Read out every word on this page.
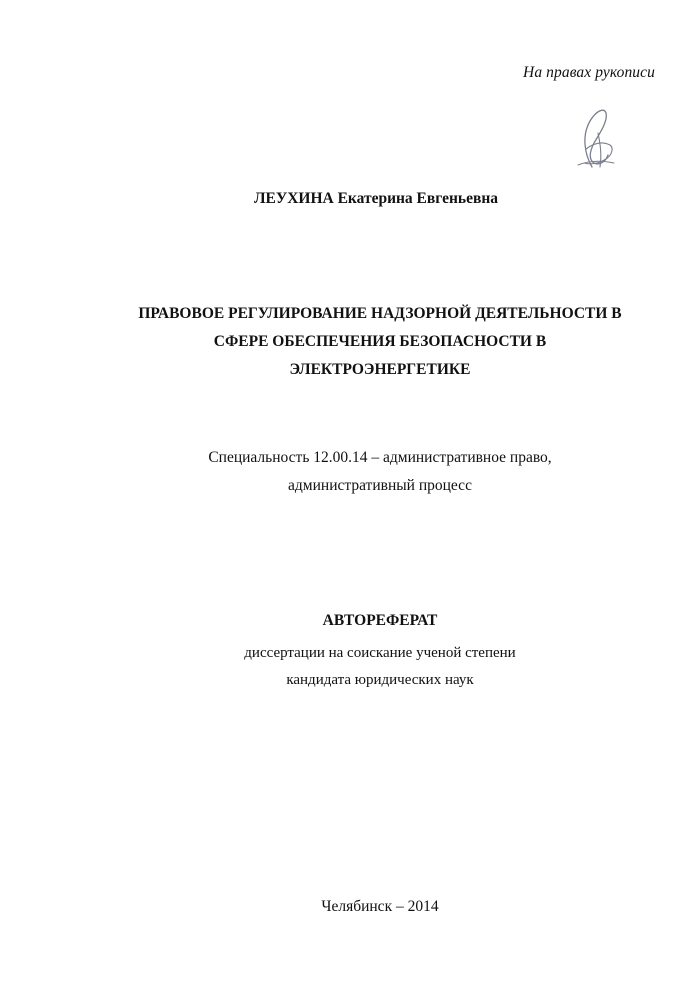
На правах рукописи
ЛЕУХИНА Екатерина Евгеньевна
ПРАВОВОЕ РЕГУЛИРОВАНИЕ НАДЗОРНОЙ ДЕЯТЕЛЬНОСТИ В
СФЕРЕ ОБЕСПЕЧЕНИЯ БЕЗОПАСНОСТИ В
ЭЛЕКТРОЭНЕРГЕТИКЕ
Специальность 12.00.14 – административное право,
административный процесс
АВТОРЕФЕРАТ
диссертации на соискание ученой степени
кандидата юридических наук
Челябинск – 2014
